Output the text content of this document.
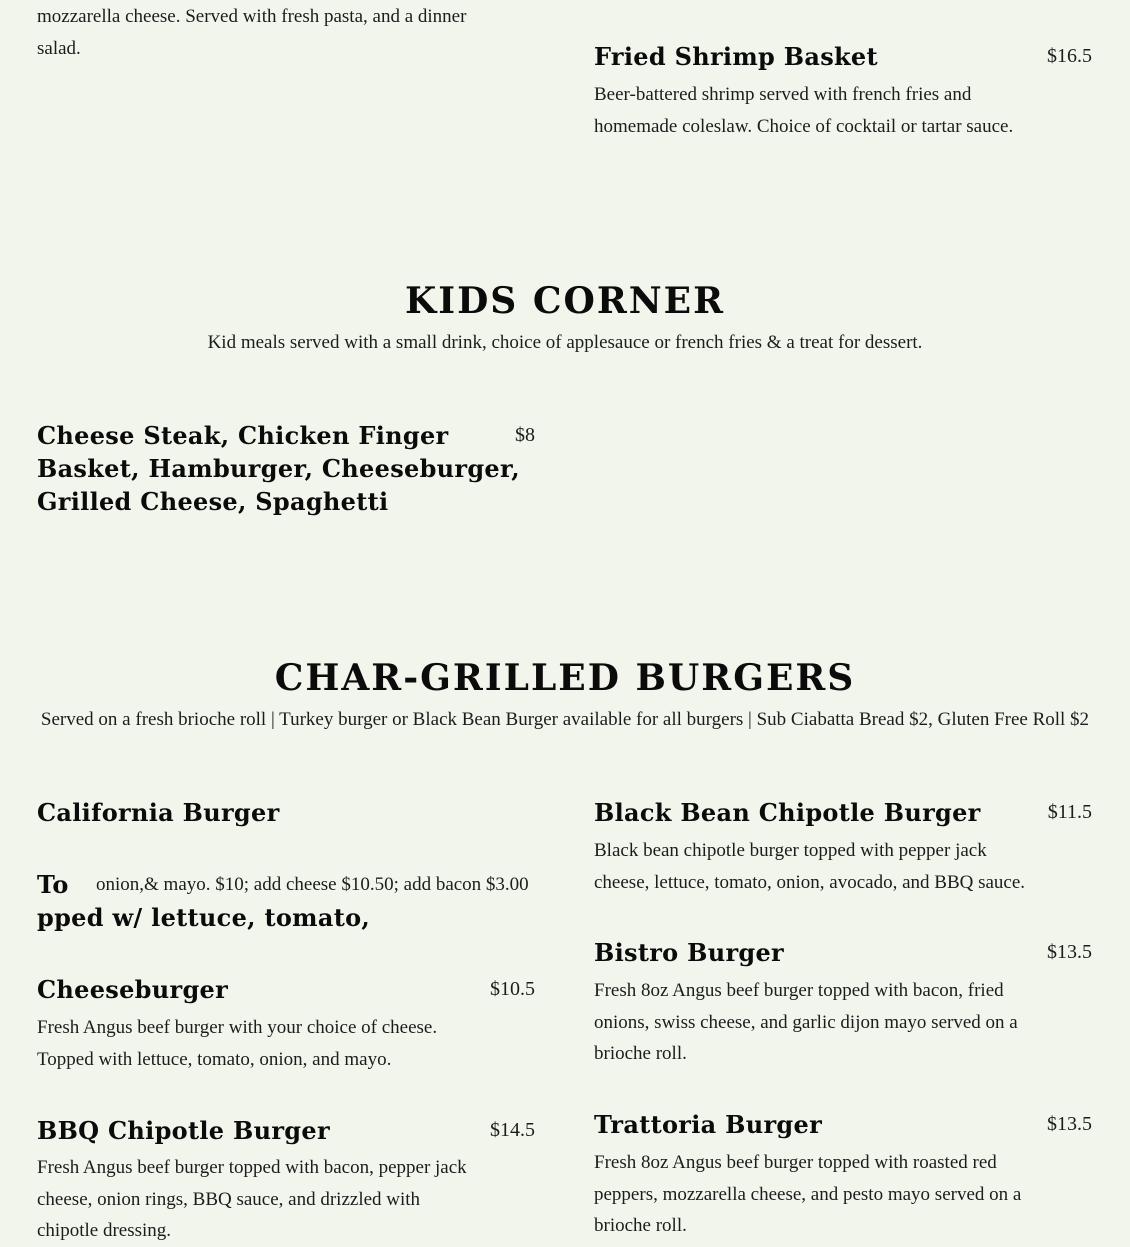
mozzarella cheese. Served with fresh pasta, and a dinner salad.	Fried Shrimp Basket	$16.5
Beer-battered shrimp served with french fries and homemade coleslaw. Choice of cocktail or tartar sauce.
KIDS CORNER
Kid meals served with a small drink, choice of applesauce or french fries & a treat for dessert.
Cheese Steak, Chicken Finger Basket, Hamburger, Cheeseburger, Grilled Cheese, Spaghetti
$8
CHAR-GRILLED BURGERS
Served on a fresh brioche roll | Turkey burger or Black Bean Burger available for all burgers | Sub Ciabatta Bread $2, Gluten Free Roll $2
California Burger
To	onion,& mayo. $10; add cheese $10.50; add bacon $3.00
pped w/ lettuce, tomato,
Cheeseburger	$10.5
Fresh Angus beef burger with your choice of cheese. Topped with lettuce, tomato, onion, and mayo.
BBQ Chipotle Burger	$14.5
Fresh Angus beef burger topped with bacon, pepper jack cheese, onion rings, BBQ sauce, and drizzled with chipotle dressing.
Black Bean Chipotle Burger	$11.5
Black bean chipotle burger topped with pepper jack cheese, lettuce, tomato, onion, avocado, and BBQ sauce.
Bistro Burger	$13.5
Fresh 8oz Angus beef burger topped with bacon, fried onions, swiss cheese, and garlic dijon mayo served on a brioche roll.
Trattoria Burger	$13.5
Fresh 8oz Angus beef burger topped with roasted red peppers, mozzarella cheese, and pesto mayo served on a brioche roll.
